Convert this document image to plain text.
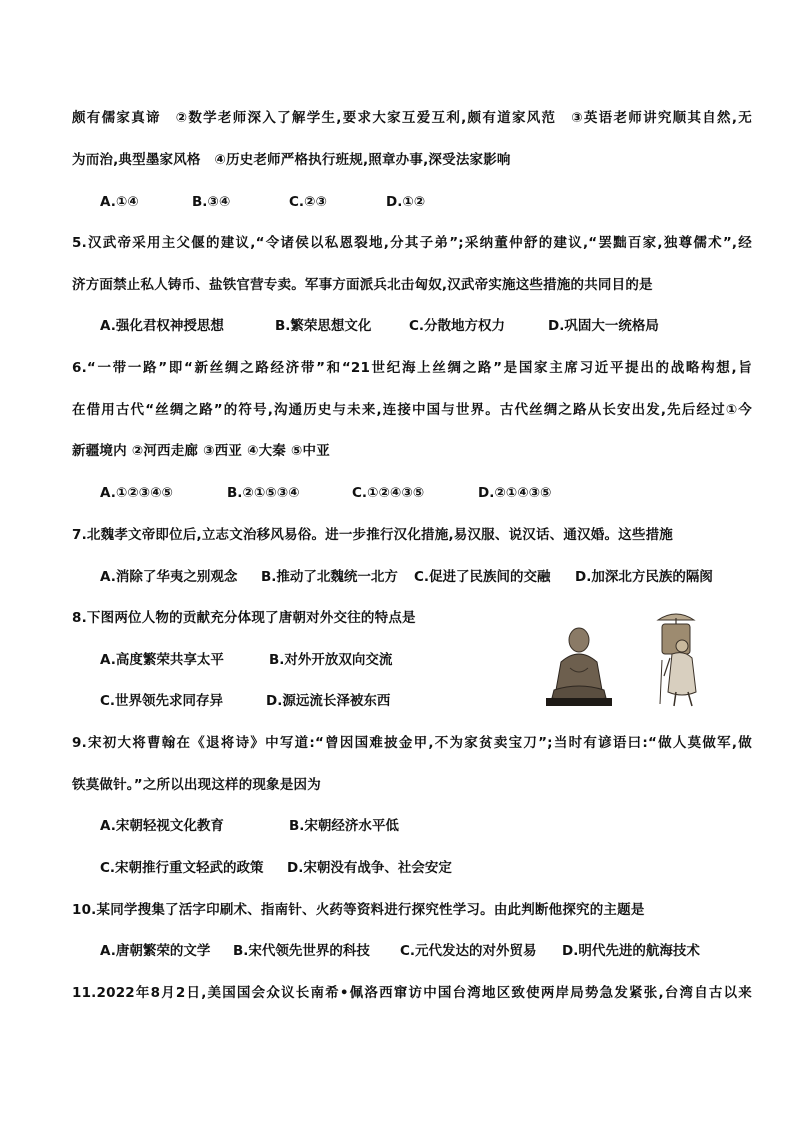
颇有儒家真谛　②数学老师深入了解学生,要求大家互爱互利,颇有道家风范　③英语老师讲究顺其自然,无
为而治,典型墨家风格　④历史老师严格执行班规,照章办事,深受法家影响
A.①④	B.③④	C.②③	D.①②
5.汉武帝采用主父偃的建议,“令诸侯以私恩裂地,分其子弟”;采纳董仲舒的建议,“罢黜百家,独尊儒术”,经
济方面禁止私人铸币、盐铁官营专卖。军事方面派兵北击匈奴,汉武帝实施这些措施的共同目的是
A.强化君权神授思想	B.繁荣思想文化	C.分散地方权力	D.巩固大一统格局
6.“一带一路”即“新丝绸之路经济带”和“21世纪海上丝绸之路”是国家主席习近平提出的战略构想,旨
在借用古代“丝绸之路”的符号,沟通历史与未来,连接中国与世界。古代丝绸之路从长安出发,先后经过①今
新疆境内 ②河西走廊 ③西亚 ④大秦 ⑤中亚
A.①②③④⑤	B.②①⑤③④	C.①②④③⑤	D.②①④③⑤
7.北魏孝文帝即位后,立志文治移风易俗。进一步推行汉化措施,易汉服、说汉话、通汉婚。这些措施
A.消除了华夷之别观念 B.推动了北魏统一北方 C.促进了民族间的交融 D.加深北方民族的隔阂
8.下图两位人物的贡献充分体现了唐朝对外交往的特点是
A.高度繁荣共享太平	B.对外开放双向交流
C.世界领先求同存异	D.源远流长泽被东西
9.宋初大将曹翰在《退将诗》中写道:“曾因国难披金甲,不为家贫卖宝刀”;当时有谚语曰:“做人莫做军,做
铁莫做针。”之所以出现这样的现象是因为
A.宋朝轻视文化教育	B.宋朝经济水平低
C.宋朝推行重文轻武的政策 D.宋朝没有战争、社会安定
10.某同学搜集了活字印刷术、指南针、火药等资料进行探究性学习。由此判断他探究的主题是
A.唐朝繁荣的文学 B.宋代领先世界的科技 C.元代发达的对外贸易 D.明代先进的航海技术
11.2022年8月2日,美国国会众议长南希•佩洛西窜访中国台湾地区致使两岸局势急发紧张,台湾自古以来
